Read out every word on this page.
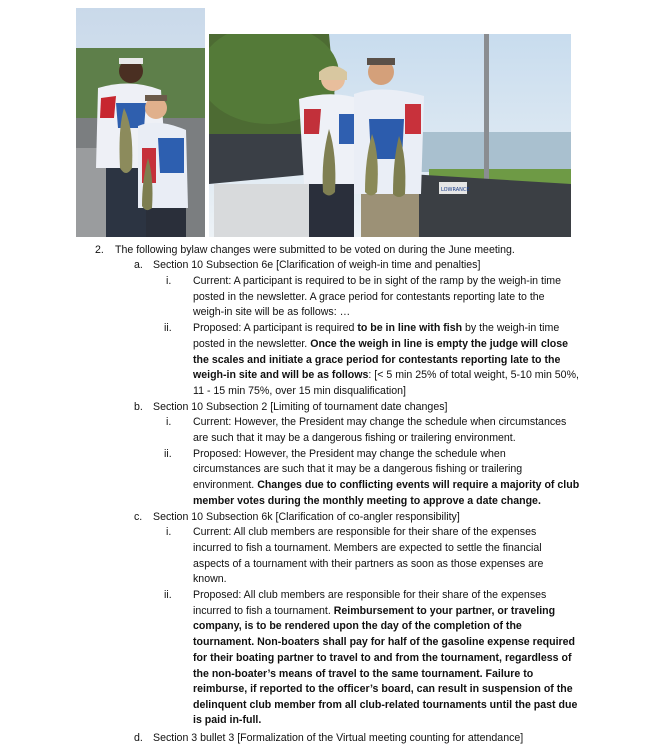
LOWRANCE
2. The following bylaw changes were submitted to be voted on during the June meeting.
a. Section 10 Subsection 6e [Clarification of weigh-in time and penalties]
i. Current: A participant is required to be in sight of the ramp by the weigh-in time
posted in the newsletter. A grace period for contestants reporting late to the
weigh-in site will be as follows: …
ii. Proposed: A participant is required to be in line with fish by the weigh-in time
posted in the newsletter. Once the weigh in line is empty the judge will close
the scales and initiate a grace period for contestants reporting late to the
weigh-in site and will be as follows: [< 5 min 25% of total weight, 5-10 min 50%,
11 - 15 min 75%, over 15 min disqualification]
b. Section 10 Subsection 2 [Limiting of tournament date changes]
i. Current: However, the President may change the schedule when circumstances
are such that it may be a dangerous fishing or trailering environment.
ii. Proposed: However, the President may change the schedule when
circumstances are such that it may be a dangerous fishing or trailering
environment. Changes due to conflicting events will require a majority of club
member votes during the monthly meeting to approve a date change.
c. Section 10 Subsection 6k [Clarification of co-angler responsibility]
i. Current: All club members are responsible for their share of the expenses
incurred to fish a tournament. Members are expected to settle the financial
aspects of a tournament with their partners as soon as those expenses are
known.
ii. Proposed: All club members are responsible for their share of the expenses
incurred to fish a tournament. Reimbursement to your partner, or traveling
company, is to be rendered upon the day of the completion of the
tournament. Non-boaters shall pay for half of the gasoline expense required
for their boating partner to travel to and from the tournament, regardless of
the non-boater’s means of travel to the same tournament. Failure to
reimburse, if reported to the officer’s board, can result in suspension of the
delinquent club member from all club-related tournaments until the past due
is paid in-full.
d. Section 3 bullet 3 [Formalization of the Virtual meeting counting for attendance]
